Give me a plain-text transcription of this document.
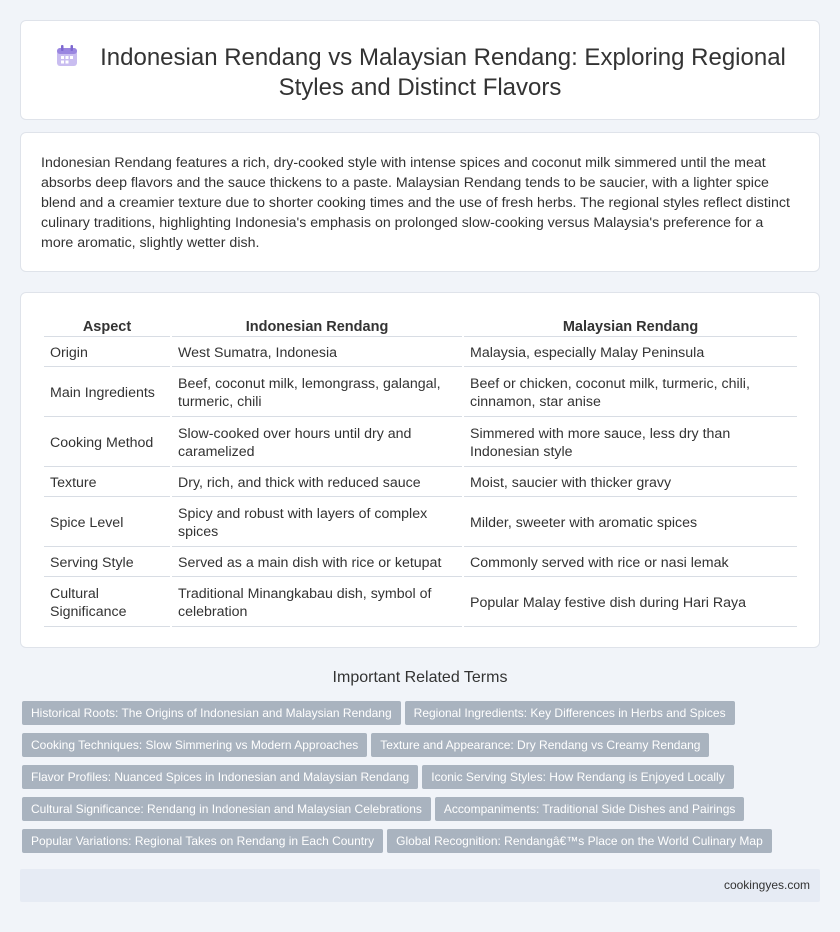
Indonesian Rendang vs Malaysian Rendang: Exploring Regional
Styles and Distinct Flavors

Indonesian Rendang features a rich, dry-cooked style with intense spices and coconut milk simmered until the meat absorbs deep flavors and the sauce thickens to a paste. Malaysian Rendang tends to be saucier, with a lighter spice blend and a creamier texture due to shorter cooking times and the use of fresh herbs. The regional styles reflect distinct culinary traditions, highlighting Indonesia's emphasis on prolonged slow-cooking versus Malaysia's preference for a more aromatic, slightly wetter dish.

Aspect	Indonesian Rendang	Malaysian Rendang
Origin	West Sumatra, Indonesia	Malaysia, especially Malay Peninsula
Main Ingredients	Beef, coconut milk, lemongrass, galangal, turmeric, chili	Beef or chicken, coconut milk, turmeric, chili, cinnamon, star anise
Cooking Method	Slow-cooked over hours until dry and caramelized	Simmered with more sauce, less dry than Indonesian style
Texture	Dry, rich, and thick with reduced sauce	Moist, saucier with thicker gravy
Spice Level	Spicy and robust with layers of complex spices	Milder, sweeter with aromatic spices
Serving Style	Served as a main dish with rice or ketupat	Commonly served with rice or nasi lemak
Cultural
Significance	Traditional Minangkabau dish, symbol of celebration	Popular Malay festive dish during Hari Raya
Important Related Terms
Historical Roots: The Origins of Indonesian and Malaysian Rendang Regional Ingredients: Key Differences in Herbs and Spices
Cooking Techniques: Slow Simmering vs Modern Approaches Texture and Appearance: Dry Rendang vs Creamy Rendang
Flavor Profiles: Nuanced Spices in Indonesian and Malaysian Rendang Iconic Serving Styles: How Rendang is Enjoyed Locally
Cultural Significance: Rendang in Indonesian and Malaysian Celebrations Accompaniments: Traditional Side Dishes and Pairings
Popular Variations: Regional Takes on Rendang in Each Country Global Recognition: Rendangâ€™s Place on the World Culinary Map
cookingyes.com
